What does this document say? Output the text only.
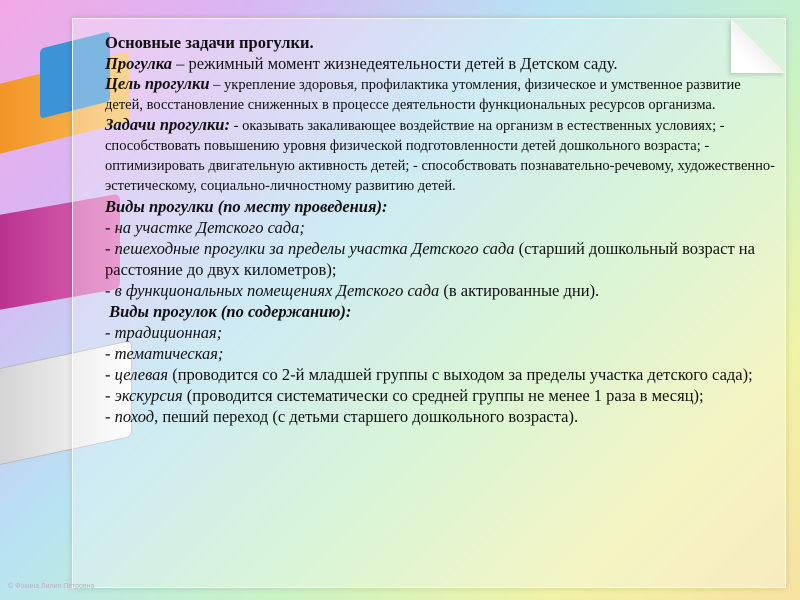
Основные задачи прогулки.

Прогулка – режимный момент жизнедеятельности детей в Детском саду.

Цель прогулки – укрепление здоровья, профилактика утомления, физическое и умственное развитие детей, восстановление сниженных в процессе деятельности функциональных ресурсов организма.

Задачи прогулки: - оказывать закаливающее воздействие на организм в естественных условиях; - способствовать повышению уровня физической подготовленности детей дошкольного возраста; - оптимизировать двигательную активность детей; - способствовать познавательно-речевому, художественно-эстетическому, социально-личностному развитию детей.

Виды прогулки (по месту проведения):

- на участке Детского сада;

- пешеходные прогулки за пределы участка Детского сада (старший дошкольный возраст на расстояние до двух километров);

- в функциональных помещениях Детского сада (в актированные дни).

Виды прогулок (по содержанию):

- традиционная;

- тематическая;

- целевая (проводится со 2-й младшей группы с выходом за пределы участка детского сада);

- экскурсия (проводится систематически со средней группы не менее 1 раза в месяц);

- поход, пеший переход (с детьми старшего дошкольного возраста).

© Фокина Лилия Петровна
